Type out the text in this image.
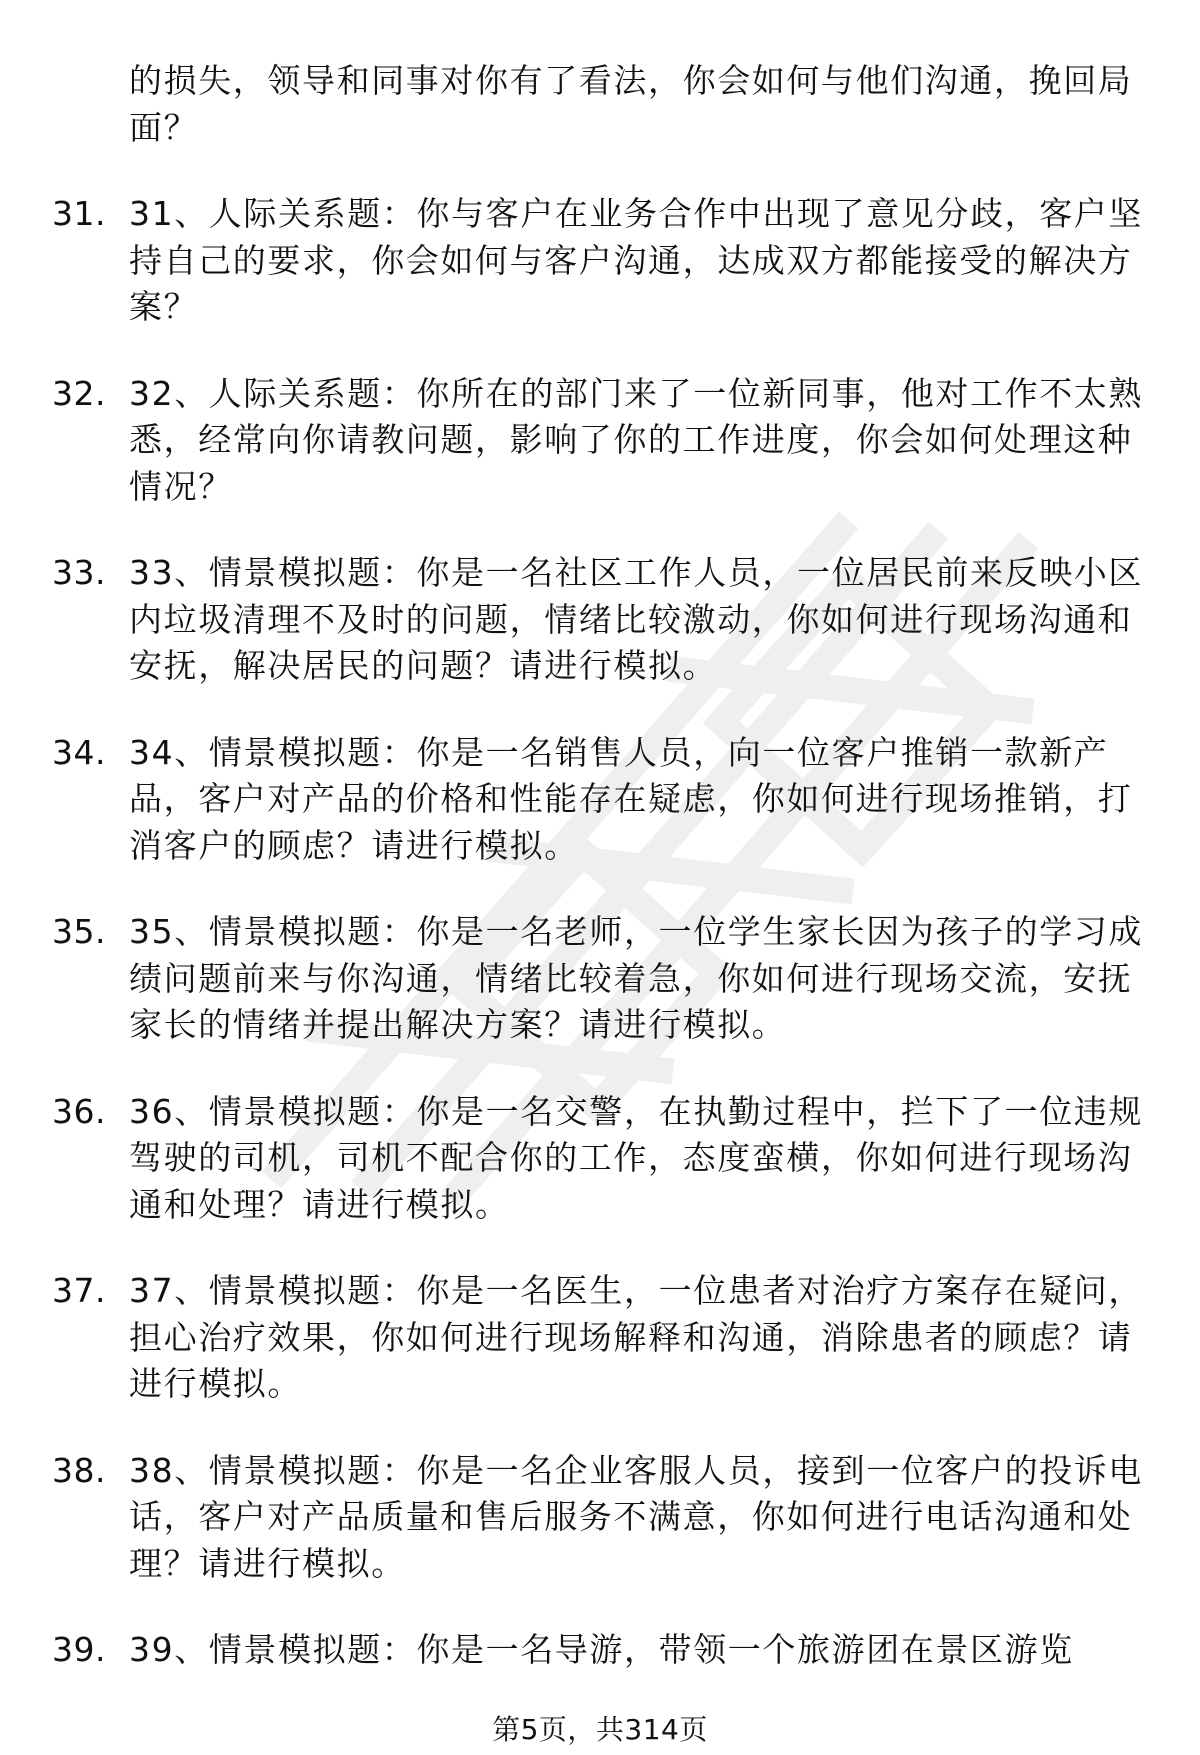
的损失，领导和同事对你有了看法，你会如何与他们沟通，挽回局面？
31. 31、人际关系题：你与客户在业务合作中出现了意见分歧，客户坚持自己的要求，你会如何与客户沟通，达成双方都能接受的解决方案？
32. 32、人际关系题：你所在的部门来了一位新同事，他对工作不太熟悉，经常向你请教问题，影响了你的工作进度，你会如何处理这种情况？
33. 33、情景模拟题：你是一名社区工作人员，一位居民前来反映小区内垃圾清理不及时的问题，情绪比较激动，你如何进行现场沟通和安抚，解决居民的问题？请进行模拟。
34. 34、情景模拟题：你是一名销售人员，向一位客户推销一款新产品，客户对产品的价格和性能存在疑虑，你如何进行现场推销，打消客户的顾虑？请进行模拟。
35. 35、情景模拟题：你是一名老师，一位学生家长因为孩子的学习成绩问题前来与你沟通，情绪比较着急，你如何进行现场交流，安抚家长的情绪并提出解决方案？请进行模拟。
36. 36、情景模拟题：你是一名交警，在执勤过程中，拦下了一位违规驾驶的司机，司机不配合你的工作，态度蛮横，你如何进行现场沟通和处理？请进行模拟。
37. 37、情景模拟题：你是一名医生，一位患者对治疗方案存在疑问，担心治疗效果，你如何进行现场解释和沟通，消除患者的顾虑？请进行模拟。
38. 38、情景模拟题：你是一名企业客服人员，接到一位客户的投诉电话，客户对产品质量和售后服务不满意，你如何进行电话沟通和处理？请进行模拟。
39. 39、情景模拟题：你是一名导游，带领一个旅游团在景区游览
第5页，共314页
